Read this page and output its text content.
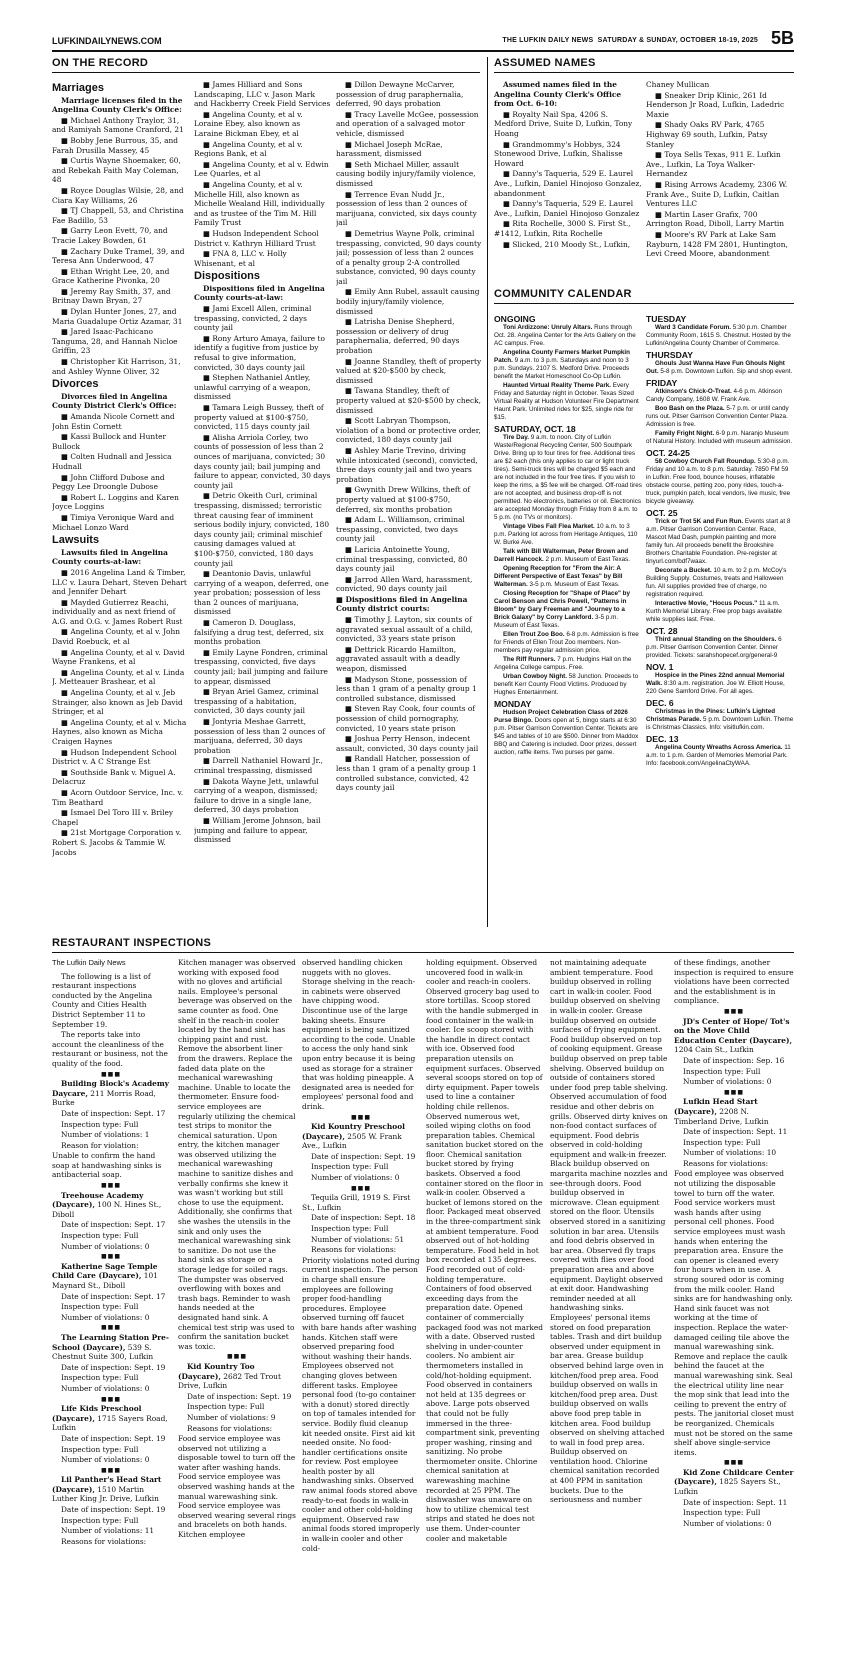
LUFKINDAILYNEWS.COM	THE LUFKIN DAILY NEWS SATURDAY & SUNDAY, OCTOBER 18-19, 2025 5B
ON THE RECORD	ASSUMED NAMES
COMMUNITY CALENDAR
RESTAURANT INSPECTIONS
Marriages

Marriage licenses filed in the Angelina County Clerk's Office:

■ Michael Anthony Traylor, 31, and Ramiyah Samone Cranford, 21

■ Bobby Jene Burrous, 35, and Farah Drusilla Massey, 45

■ Curtis Wayne Shoemaker, 60, and Rebekah Faith May Coleman, 48

■ Royce Douglas Wilsie, 28, and Ciara Kay Williams, 26

■ TJ Chappell, 53, and Christina Fae Badillo, 53

■ Garry Leon Evett, 70, and Tracie Lakey Bowden, 61

■ Zachary Duke Tramel, 39, and Teresa Ann Underwood, 47

■ Ethan Wright Lee, 20, and Grace Katherine Pivonka, 20

■ Jeremy Ray Smith, 37, and Britnay Dawn Bryan, 27

■ Dylan Hunter Jones, 27, and Maria Guadalupe Ortiz Azamar, 31

■ Jared Isaac-Pachicano Tanguma, 28, and Hannah Nicloe Griffin, 23

■ Christopher Kit Harrison, 31, and Ashley Wynne Oliver, 32

Divorces

Divorces filed in Angelina County District Clerk's Office:

■ Amanda Nicole Cornett and John Estin Cornett

■ Kassi Bullock and Hunter Bullock

■ Colten Hudnall and Jessica Hudnall

■ John Clifford Dubose and Peggy Lee Droongle Dubose

■ Robert L. Loggins and Karen Joyce Loggins

■ Timiya Veronique Ward and Michael Lonzo Ward

Lawsuits

Lawsuits filed in Angelina County courts-at-law:

■ 2016 Angelina Land & Timber, LLC v. Laura Dehart, Steven Dehart and Jennifer Dehart

■ Mayded Gutierrez Reachi, individually and as next friend of A.G. and O.G. v. James Robert Rust

■ Angelina County, et al v. John David Roebuck, et al

■ Angelina County, et al v. David Wayne Frankens, et al

■ Angelina County, et al v. Linda J. Metteauer Brashear, et al

■ Angelina County, et al v. Jeb Strainger, also known as Jeb David Stringer, et al

■ Angelina County, et al v. Micha Haynes, also known as Micha Craigen Haynes

■ Hudson Independent School District v. A C Strange Est

■ Southside Bank v. Miguel A. Delacruz

■ Acorn Outdoor Service, Inc. v. Tim Beathard

■ Ismael Del Toro III v. Briley Chapel

■ 21st Mortgage Corporation v. Robert S. Jacobs & Tammie W. Jacobs

■ James Hilliard and Sons Landscaping, LLC v. Jason Mark and Hackberry Creek Field Services

■ Angelina County, et al v. Loraine Ebey, also known as Laraine Bickman Ebey, et al

■ Angelina County, et al v. Regions Bank, et al

■ Angelina County, et al v. Edwin Lee Quarles, et al

■ Angelina County, et al v. Michelle Hill, also known as Michelle Wealand Hill, individually and as trustee of the Tim M. Hill Family Trust

■ Hudson Independent School District v. Kathryn Hilliard Trust

■ FNA 8, LLC v. Holly Whisenant, et al

Dispositions

Dispositions filed in Angelina County courts-at-law:

■ Jami Excell Allen, criminal trespassing, convicted, 2 days county jail

■ Rony Arturo Amaya, failure to identify a fugitive from justice by refusal to give information, convicted, 30 days county jail

■ Stephen Nathaniel Antley, unlawful carrying of a weapon, dismissed

■ Tamara Leigh Bussey, theft of property valued at $100-$750, convicted, 115 days county jail

■ Alisha Arriola Corley, two counts of possession of less than 2 ounces of marijuana, convicted; 30 days county jail; bail jumping and failure to appear, convicted, 30 days county jail

■ Detric Okeith Curl, criminal trespassing, dismissed; terroristic threat causing fear of imminent serious bodily injury, convicted, 180 days county jail; criminal mischief causing damages valued at $100-$750, convicted, 180 days county jail

■ Deantonio Davis, unlawful carrying of a weapon, deferred, one year probation; possession of less than 2 ounces of marijuana, dismissed

■ Cameron D. Douglass, falsifying a drug test, deferred, six months probation

■ Emily Layne Fondren, criminal trespassing, convicted, five days county jail; bail jumping and failure to appear, dismissed

■ Bryan Ariel Gamez, criminal trespassing of a habitation, convicted, 30 days county jail

■ Jontyria Meshae Garrett, possession of less than 2 ounces of marijuana, deferred, 30 days probation

■ Darrell Nathaniel Howard Jr., criminal trespassing, dismissed

■ Dakota Wayne Jett, unlawful carrying of a weapon, dismissed; failure to drive in a single lane, deferred, 30 days probation

■ William Jerome Johnson, bail jumping and failure to appear, dismissed

■ Dillon Dewayne McCarver, possession of drug paraphernalia, deferred, 90 days probation

■ Tracy Lavelle McGee, possession and operation of a salvaged motor vehicle, dismissed

■ Michael Joseph McRae, harassment, dismissed

■ Seth Michael Miller, assault causing bodily injury/family violence, dismissed

■ Terrence Evan Nudd Jr., possession of less than 2 ounces of marijuana, convicted, six days county jail

■ Demetrius Wayne Polk, criminal trespassing, convicted, 90 days county jail; possession of less than 2 ounces of a penalty group 2-A controlled substance, convicted, 90 days county jail

■ Emily Ann Rubel, assault causing bodily injury/family violence, dismissed

■ Latrisha Denise Shepherd, possession or delivery of drug paraphernalia, deferred, 90 days probation

■ Joanne Standley, theft of property valued at $20-$500 by check, dismissed

■ Tawana Standley, theft of property valued at $20-$500 by check, dismissed

■ Scott Labryan Thompson, violation of a bond or protective order, convicted, 180 days county jail

■ Ashley Marie Trevino, driving while intoxicated (second), convicted, three days county jail and two years probation

■ Gwynith Drew Wilkins, theft of property valued at $100-$750, deferred, six months probation

■ Adam L. Williamson, criminal trespassing, convicted, two days county jail

■ Laricia Antoinette Young, criminal trespassing, convicted, 80 days county jail

■ Jarrod Allen Ward, harassment, convicted, 90 days county jail

■ Dispositions filed in Angelina County district courts:

■ Timothy J. Layton, six counts of aggravated sexual assault of a child, convicted, 33 years state prison

■ Dettrick Ricardo Hamilton, aggravated assault with a deadly weapon, dismissed

■ Madyson Stone, possession of less than 1 gram of a penalty group 1 controlled substance, dismissed

■ Steven Ray Cook, four counts of possession of child pornography, convicted, 10 years state prison

■ Joshua Perry Henson, indecent assault, convicted, 30 days county jail

■ Randall Hatcher, possession of less than 1 gram of a penalty group 1 controlled substance, convicted, 42 days county jail

Assumed names filed in the Angelina County Clerk's Office from Oct. 6-10:

■ Royalty Nail Spa, 4206 S. Medford Drive, Suite D, Lufkin, Tony Hoang

■ Grandmommy's Hobbys, 324 Stonewood Drive, Lufkin, Shalisse Howard

■ Danny's Taqueria, 529 E. Laurel Ave., Lufkin, Daniel Hinojoso Gonzalez, abandonment

■ Danny's Taqueria, 529 E. Laurel Ave., Lufkin, Daniel Hinojoso Gonzalez

■ Rita Rochelle, 3000 S. First St., #1412, Lufkin, Rita Rochelle

■ Slicked, 210 Moody St., Lufkin,

Chaney Mullican

■ Sneaker Drip Klinic, 261 Id Henderson Jr Road, Lufkin, Ladedric Maxie

■ Shady Oaks RV Park, 4765 Highway 69 south, Lufkin, Patsy Stanley

■ Toya Sells Texas, 911 E. Lufkin Ave., Lufkin, La Toya Walker-Hernandez

■ Rising Arrows Academy, 2306 W. Frank Ave., Suite D, Lufkin, Caitlan Ventures LLC

■ Martin Laser Grafix, 700 Arrington Road, Diboll, Larry Martin

■ Moore's RV Park at Lake Sam Rayburn, 1428 FM 2801, Huntington, Levi Creed Moore, abandonment

ONGOING

Toni Ardizzone: Unruly Altars. Runs through Oct. 28. Angelina Center for the Arts Gallery on the AC campus. Free.

Angelina County Farmers Market Pumpkin Patch. 9 a.m. to 3 p.m. Saturdays and noon to 3 p.m. Sundays. 2107 S. Medford Drive. Proceeds benefit the Market Homeschool Co-Op Lufkin.

Haunted Virtual Reality Theme Park. Every Friday and Saturday night in October. Texas Sized Virtual Reality at Hudson Volunteer Fire Department Haunt Park. Unlimited rides for $25, single ride for $15.

SATURDAY, OCT. 18

Tire Day. 9 a.m. to noon. City of Lufkin Waste/Regional Recycling Center, 500 Southpark Drive. Bring up to four tires for free. Additional tires are $2 each (this only applies to car or light truck tires). Semi-truck tires will be charged $5 each and are not included in the four free tires. If you wish to keep the rims, a $5 fee will be charged. Off-road tires are not accepted, and business drop-off is not permitted. No electronics, batteries or oil. Electronics are accepted Monday through Friday from 8 a.m. to 5 p.m. (no TVs or monitors).

Vintage Vibes Fall Flea Market. 10 a.m. to 3 p.m. Parking lot across from Heritage Antiques, 110 W. Burke Ave.

Talk with Bill Walterman, Peter Brown and Darrell Hancock. 2 p.m. Museum of East Texas.

Opening Reception for "From the Air: A Different Perspective of East Texas" by Bill Walterman. 3-5 p.m. Museum of East Texas.

Closing Reception for "Shape of Place" by Carol Benson and Chris Powell, "Patterns in Bloom" by Gary Freeman and "Journey to a Brick Galaxy" by Corry Lankford. 3-5 p.m. Museum of East Texas.

Ellen Trout Zoo Boo. 6-8 p.m. Admission is free for Friends of Ellen Trout Zoo members. Non-members pay regular admission price.

The Riff Runners. 7 p.m. Hudgins Hall on the Angelina College campus. Free.

Urban Cowboy Night. 58 Junction. Proceeds to benefit Kerr County Flood Victims. Produced by Hughes Entertainment.

MONDAY

Hudson Project Celebration Class of 2026 Purse Bingo. Doors open at 5, bingo starts at 6:30 p.m. Pitser Garrison Convention Center. Tickets are $45 and tables of 10 are $500. Dinner from Maddox BBQ and Catering is included. Door prizes, dessert auction, raffle items. Two purses per game.

TUESDAY

Ward 3 Candidate Forum. 5:30 p.m. Chamber Community Room, 1615 S. Chestnut. Hosted by the Lufkin/Angelina County Chamber of Commerce.

THURSDAY

Ghouls Just Wanna Have Fun Ghouls Night Out. 5-8 p.m. Downtown Lufkin. Sip and shop event.

FRIDAY

Atkinson's Chick-O-Treat. 4-6 p.m. Atkinson Candy Company, 1608 W. Frank Ave.

Boo Bash on the Plaza. 5-7 p.m. or until candy runs out. Pitser Garrison Convention Center Plaza. Admission is free.

Family Fright Night. 6-9 p.m. Naranjo Museum of Natural History. Included with museum admission.

OCT. 24-25

58 Cowboy Church Fall Roundup. 5:30-8 p.m. Friday and 10 a.m. to 8 p.m. Saturday. 7850 FM 59 in Lufkin. Free food, bounce houses, inflatable obstacle course, petting zoo, pony rides, touch-a-truck, pumpkin patch, local vendors, live music, free bicycle giveaway.

OCT. 25

Trick or Trot 5K and Fun Run. Events start at 8 a.m. Pitser Garrison Convention Center. Race, Mascot Mad Dash, pumpkin painting and more family fun. All proceeds benefit the Brookshire Brothers Charitable Foundation. Pre-register at tinyurl.com/bdf7waax.

Decorate a Bucket. 10 a.m. to 2 p.m. McCoy's Building Supply. Costumes, treats and Halloween fun. All supplies provided free of charge, no registration required.

Interactive Movie, "Hocus Pocus." 11 a.m. Kurth Memorial Library. Free prop bags available while supplies last. Free.

OCT. 28

Third annual Standing on the Shoulders. 6 p.m. Pitser Garrison Convention Center. Dinner provided. Tickets: sarahshopecef.org/general-9

NOV. 1

Hospice in the Pines 22nd annual Memorial Walk. 8:30 a.m. registration. Joe W. Elliott House, 220 Gene Samford Drive. For all ages.

DEC. 6

Christmas in the Pines: Lufkin's Lighted Christmas Parade. 5 p.m. Downtown Lufkin. Theme is Christmas Classics. Info: visitlufkin.com.

DEC. 13

Angelina County Wreaths Across America. 11 a.m. to 1 p.m. Garden of Memories Memorial Park. Info: facebook.com/AngelinaCtyWAA.

The Lufkin Daily News

The following is a list of restaurant inspections conducted by the Angelina County and Cities Health District September 11 to September 19.

The reports take into account the cleanliness of the restaurant or business, not the quality of the food.

■■■

Building Block's Academy Daycare, 211 Morris Road, Burke

Date of inspection: Sept. 17

Inspection type: Full

Number of violations: 1

Reason for violation:

Unable to confirm the hand soap at handwashing sinks is antibacterial soap.

■■■

Treehouse Academy (Daycare), 100 N. Hines St., Diboll

Date of inspection: Sept. 17

Inspection type: Full

Number of violations: 0

■■■

Katherine Sage Temple Child Care (Daycare), 101 Maynard St., Diboll

Date of inspection: Sept. 17

Inspection type: Full

Number of violations: 0

■■■

The Learning Station Pre-School (Daycare), 539 S. Chestnut Suite 300, Lufkin

Date of inspection: Sept. 19

Inspection type: Full

Number of violations: 0

■■■

Life Kids Preschool (Daycare), 1715 Sayers Road, Lufkin

Date of inspection: Sept. 19

Inspection type: Full

Number of violations: 0

■■■

Lil Panther's Head Start (Daycare), 1510 Martin Luther King Jr. Drive, Lufkin

Date of inspection: Sept. 19

Inspection type: Full

Number of violations: 11

Reasons for violations:

Kitchen manager was observed working with exposed food with no gloves and artificial nails. Employee's personal beverage was observed on the same counter as food. One shelf in the reach-in cooler located by the hand sink has chipping paint and rust. Remove the absorbent liner from the drawers. Replace the faded data plate on the mechanical warewashing machine. Unable to locate the thermometer. Ensure food-service employees are regularly utilizing the chemical test strips to monitor the chemical saturation. Upon entry, the kitchen manager was observed utilizing the mechanical warewashing machine to sanitize dishes and verbally confirms she knew it was wasn't working but still chose to use the equipment. Additionally, she confirms that she washes the utensils in the sink and only uses the mechanical warewashing sink to sanitize. Do not use the hand sink as storage or a storage ledge for soiled rags. The dumpster was observed overflowing with boxes and trash bags. Reminder to wash hands needed at the designated hand sink. A chemical test strip was used to confirm the sanitation bucket was toxic.

■■■

Kid Kountry Too (Daycare), 2682 Ted Trout Drive, Lufkin

Date of inspection: Sept. 19

Inspection type: Full

Number of violations: 9

Reasons for violations:

Food service employee was observed not utilizing a disposable towel to turn off the water after washing hands. Food service employee was observed washing hands at the manual warewashing sink. Food service employee was observed wearing several rings and bracelets on both hands. Kitchen employee

observed handling chicken nuggets with no gloves. Storage shelving in the reach-in cabinets were observed have chipping wood. Discontinue use of the large baking sheets. Ensure equipment is being sanitized according to the code. Unable to access the only hand sink upon entry because it is being used as storage for a strainer that was holding pineapple. A designated area is needed for employees' personal food and drink.

■■■

Kid Kountry Preschool (Daycare), 2505 W. Frank Ave., Lufkin

Date of inspection: Sept. 19

Inspection type: Full

Number of violations: 0

■■■

Tequila Grill, 1919 S. First St., Lufkin

Date of inspection: Sept. 18

Inspection type: Full

Number of violations: 51

Reasons for violations:

Priority violations noted during current inspection. The person in charge shall ensure employees are following proper food-handling procedures. Employee observed turning off faucet with bare hands after washing hands. Kitchen staff were observed preparing food without washing their hands. Employees observed not changing gloves between different tasks. Employee personal food (to-go container with a donut) stored directly on top of tamales intended for service. Bodily fluid cleanup kit needed onsite. First aid kit needed onsite. No food-handler certifications onsite for review. Post employee health poster by all handwashing sinks. Observed raw animal foods stored above ready-to-eat foods in walk-in cooler and other cold-holding equipment. Observed raw animal foods stored improperly in walk-in cooler and other cold-

holding equipment. Observed uncovered food in walk-in cooler and reach-in coolers. Observed grocery bag used to store tortillas. Scoop stored with the handle submerged in food container in the walk-in cooler. Ice scoop stored with the handle in direct contact with ice. Observed food preparation utensils on equipment surfaces. Observed several scoops stored on top of dirty equipment. Paper towels used to line a container holding chile rellenos. Observed numerous wet, soiled wiping cloths on food preparation tables. Chemical sanitation bucket stored on the floor. Chemical sanitation bucket stored by frying baskets. Observed a food container stored on the floor in walk-in cooler. Observed a bucket of lemons stored on the floor. Packaged meat observed in the three-compartment sink at ambient temperature. Food observed out of hot-holding temperature. Food held in hot box recorded at 135 degrees. Food recorded out of cold-holding temperature. Containers of food observed exceeding days from the preparation date. Opened container of commercially packaged food was not marked with a date. Observed rusted shelving in under-counter coolers. No ambient air thermometers installed in cold/hot-holding equipment. Food observed in containers not held at 135 degrees or above. Large pots observed that could not be fully immersed in the three-compartment sink, preventing proper washing, rinsing and sanitizing. No probe thermometer onsite. Chlorine chemical sanitation at warewashing machine recorded at 25 PPM. The dishwasher was unaware on how to utilize chemical test strips and stated he does not use them. Under-counter cooler and maketable

not maintaining adequate ambient temperature. Food buildup observed in rolling cart in walk-in cooler. Food buildup observed on shelving in walk-in cooler. Grease buildup observed on outside surfaces of frying equipment. Food buildup observed on top of cooking equipment. Grease buildup observed on prep table shelving. Observed buildup on outside of containers stored under food prep table shelving. Observed accumulation of food residue and other debris on grills. Observed dirty knives on non-food contact surfaces of equipment. Food debris observed in cold-holding equipment and walk-in freezer. Black buildup observed on margarita machine nozzles and see-through doors. Food buildup observed in microwave. Clean equipment stored on the floor. Utensils observed stored in a sanitizing solution in bar area. Utensils and food debris observed in bar area. Observed fly traps covered with flies over food preparation area and above equipment. Daylight observed at exit door. Handwashing reminder needed at all handwashing sinks. Employees' personal items stored on food preparation tables. Trash and dirt buildup observed under equipment in bar area. Grease buildup observed behind large oven in kitchen/food prep area. Food buildup observed on walls in kitchen/food prep area. Dust buildup observed on walls above food prep table in kitchen area. Food buildup observed on shelving attached to wall in food prep area. Buildup observed on ventilation hood. Chlorine chemical sanitation recorded at 400 PPM in sanitation buckets. Due to the seriousness and number

of these findings, another inspection is required to ensure violations have been corrected and the establishment is in compliance.

■■■

JD's Center of Hope/ Tot's on the Move Child Education Center (Daycare), 1204 Cain St., Lufkin

Date of inspection: Sep. 16

Inspection type: Full

Number of violations: 0

■■■

Lufkin Head Start (Daycare), 2208 N. Timberland Drive, Lufkin

Date of inspection: Sept. 11

Inspection type: Full

Number of violations: 10

Reasons for violations:

Food employee was observed not utilizing the disposable towel to turn off the water. Food service workers must wash hands after using personal cell phones. Food service employees must wash hands when entering the preparation area. Ensure the can opener is cleaned every four hours when in use. A strong soured odor is coming from the milk cooler. Hand sinks are for handwashing only. Hand sink faucet was not working at the time of inspection. Replace the water-damaged ceiling tile above the manual warewashing sink. Remove and replace the caulk behind the faucet at the manual warewashing sink. Seal the electrical utility line near the mop sink that lead into the ceiling to prevent the entry of pests. The janitorial closet must be reorganized. Chemicals must not be stored on the same shelf above single-service items.

■■■

Kid Zone Childcare Center (Daycare), 1825 Sayers St., Lufkin

Date of inspection: Sept. 11

Inspection type: Full

Number of violations: 0
